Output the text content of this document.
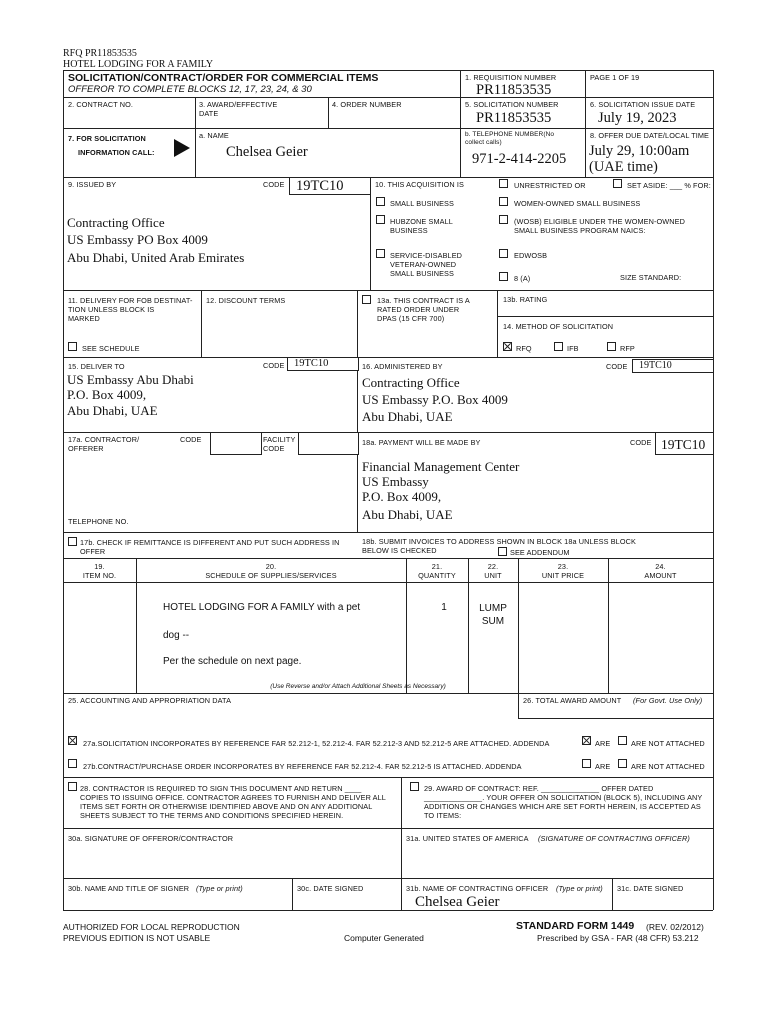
RFQ PR11853535
HOTEL LODGING FOR A FAMILY
SOLICITATION/CONTRACT/ORDER FOR COMMERCIAL ITEMS
OFFEROR TO COMPLETE BLOCKS 12, 17, 23, 24, & 30
1. REQUISITION NUMBER
PR11853535
PAGE 1 OF 19
2. CONTRACT NO.	3. AWARD/EFFECTIVE
DATE
4. ORDER NUMBER	5. SOLICITATION NUMBER
PR11853535
6. SOLICITATION ISSUE DATE
July 19, 2023
7. FOR SOLICITATION
INFORMATION CALL:
a. NAME
Chelsea Geier
b. TELEPHONE NUMBER(No
collect calls)
971-2-414-2205
8. OFFER DUE DATE/LOCAL TIME
July 29, 10:00am (UAE time)
9. ISSUED BY	CODE 19TC10
Contracting Office
US Embassy PO Box 4009
Abu Dhabi, United Arab Emirates
10. THIS ACQUISITION IS	UNRESTRICTED OR	SET ASIDE: ___ % FOR:
SMALL BUSINESS	WOMEN-OWNED SMALL BUSINESS
HUBZONE SMALL
BUSINESS
(WOSB) ELIGIBLE UNDER THE WOMEN-OWNED
SMALL BUSINESS PROGRAM NAICS:
SERVICE-DISABLED
VETERAN-OWNED
SMALL BUSINESS
EDWOSB
8 (A)	SIZE STANDARD:
11. DELIVERY FOR FOB DESTINAT-
TION UNLESS BLOCK IS
MARKED
SEE SCHEDULE
12. DISCOUNT TERMS	13a. THIS CONTRACT IS A
RATED ORDER UNDER
DPAS (15 CFR 700)
13b. RATING
14. METHOD OF SOLICITATION
RFQ	IFB	RFP
15. DELIVER TO	CODE 19TC10
US Embassy Abu Dhabi
P.O. Box 4009,
Abu Dhabi, UAE
16. ADMINISTERED BY	CODE 19TC10
Contracting Office
US Embassy P.O. Box 4009
Abu Dhabi, UAE
17a. CONTRACTOR/
OFFERER
CODE	FACILITY
CODE
TELEPHONE NO.
18a. PAYMENT WILL BE MADE BY	CODE 19TC10
Financial Management Center
US Embassy
P.O. Box 4009,
Abu Dhabi, UAE
17b. CHECK IF REMITTANCE IS DIFFERENT AND PUT SUCH ADDRESS IN
OFFER
18b. SUBMIT INVOICES TO ADDRESS SHOWN IN BLOCK 18a UNLESS BLOCK
BELOW IS CHECKED	SEE ADDENDUM
19.
ITEM NO.
20.
SCHEDULE OF SUPPLIES/SERVICES
21.
QUANTITY
22.
UNIT
23.
UNIT PRICE
24.
AMOUNT
HOTEL LODGING FOR A FAMILY with a pet
dog --
Per the schedule on next page.
1	LUMP
SUM
(Use Reverse and/or Attach Additional Sheets as Necessary)
25. ACCOUNTING AND APPROPRIATION DATA	26. TOTAL AWARD AMOUNT (For Govt. Use Only)
27a.SOLICITATION INCORPORATES BY REFERENCE FAR 52.212-1, 52.212-4. FAR 52.212-3 AND 52.212-5 ARE ATTACHED. ADDENDA	ARE	ARE NOT ATTACHED
27b.CONTRACT/PURCHASE ORDER INCORPORATES BY REFERENCE FAR 52.212-4. FAR 52.212-5 IS ATTACHED. ADDENDA	ARE	ARE NOT ATTACHED
28. CONTRACTOR IS REQUIRED TO SIGN THIS DOCUMENT AND RETURN ____
COPIES TO ISSUING OFFICE. CONTRACTOR AGREES TO FURNISH AND DELIVER ALL
ITEMS SET FORTH OR OTHERWISE IDENTIFIED ABOVE AND ON ANY ADDITIONAL
SHEETS SUBJECT TO THE TERMS AND CONDITIONS SPECIFIED HEREIN.
29. AWARD OF CONTRACT: REF. ______________ OFFER DATED
______________. YOUR OFFER ON SOLICITATION (BLOCK 5), INCLUDING ANY
ADDITIONS OR CHANGES WHICH ARE SET FORTH HEREIN, IS ACCEPTED AS
TO ITEMS:
30a. SIGNATURE OF OFFEROR/CONTRACTOR	31a. UNITED STATES OF AMERICA (SIGNATURE OF CONTRACTING OFFICER)
30b. NAME AND TITLE OF SIGNER (Type or print)	30c. DATE SIGNED	31b. NAME OF CONTRACTING OFFICER (Type or print)
Chelsea Geier
31c. DATE SIGNED
AUTHORIZED FOR LOCAL REPRODUCTION
PREVIOUS EDITION IS NOT USABLE	Computer Generated
STANDARD FORM 1449 (REV. 02/2012)
Prescribed by GSA - FAR (48 CFR) 53.212
